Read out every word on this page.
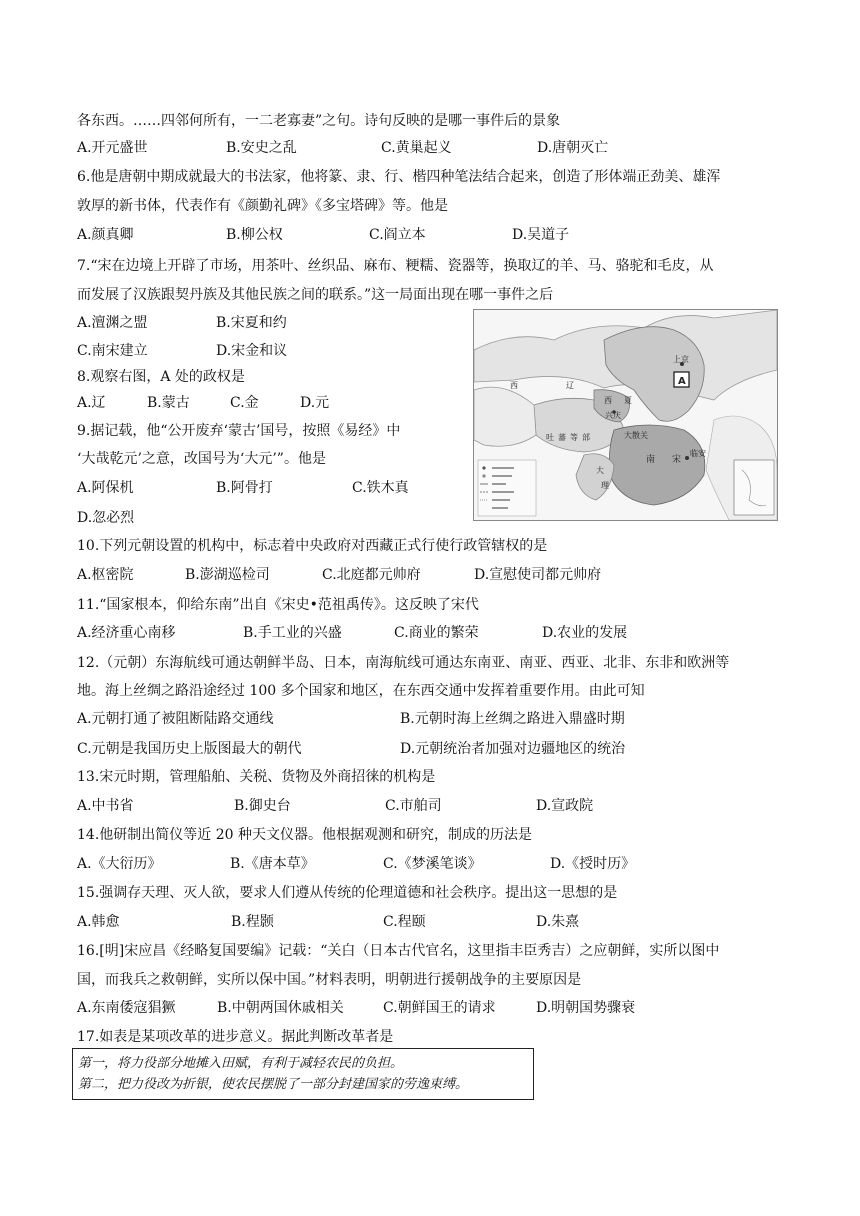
各东西。……四邻何所有，一二老寡妻”之句。诗句反映的是哪一事件后的景象
A.开元盛世	B.安史之乱	C.黄巢起义	D.唐朝灭亡
6.他是唐朝中期成就最大的书法家，他将篆、隶、行、楷四种笔法结合起来，创造了形体端正劲美、雄浑
敦厚的新书体，代表作有《颜勤礼碑》《多宝塔碑》等。他是
A.颜真卿	B.柳公权	C.阎立本	D.吴道子
7.“宋在边境上开辟了市场，用茶叶、丝织品、麻布、粳糯、瓷器等，换取辽的羊、马、骆驼和毛皮，从
而发展了汉族跟契丹族及其他民族之间的联系。”这一局面出现在哪一事件之后
A.澶渊之盟	B.宋夏和约
C.南宋建立	D.宋金和议
8.观察右图，A 处的政权是
A.辽	B.蒙古	C.金	D.元
9.据记载，他“公开废弃‘蒙古’国号，按照《易经》中
‘大哉乾元’之意，改国号为‘大元’”。他是
A.阿保机	B.阿骨打	C.铁木真
D.忽必烈
西	辽
上京
A
西 夏
兴庆
吐 蕃 等 部	大散关
临安
大
理
南 宋
10.下列元朝设置的机构中，标志着中央政府对西藏正式行使行政管辖权的是
A.枢密院	B.澎湖巡检司	C.北庭都元帅府	D.宣慰使司都元帅府
11.“国家根本，仰给东南”出自《宋史•范祖禹传》。这反映了宋代
A.经济重心南移	B.手工业的兴盛	C.商业的繁荣	D.农业的发展
12.（元朝）东海航线可通达朝鲜半岛、日本，南海航线可通达东南亚、南亚、西亚、北非、东非和欧洲等
地。海上丝绸之路沿途经过 100 多个国家和地区，在东西交通中发挥着重要作用。由此可知
A.元朝打通了被阻断陆路交通线	B.元朝时海上丝绸之路进入鼎盛时期
C.元朝是我国历史上版图最大的朝代	D.元朝统治者加强对边疆地区的统治
13.宋元时期，管理船舶、关税、货物及外商招徕的机构是
A.中书省	B.御史台	C.市舶司	D.宣政院
14.他研制出简仪等近 20 种天文仪器。他根据观测和研究，制成的历法是
A.《大衍历》	B.《唐本草》	C.《梦溪笔谈》	D.《授时历》
15.强调存天理、灭人欲，要求人们遵从传统的伦理道德和社会秩序。提出这一思想的是
A.韩愈	B.程颢	C.程颐	D.朱熹
16.[明]宋应昌《经略复国要编》记载：“关白（日本古代官名，这里指丰臣秀吉）之应朝鲜，实所以图中
国，而我兵之救朝鲜，实所以保中国。”材料表明，明朝进行援朝战争的主要原因是
A.东南倭寇猖獗	B.中朝两国休戚相关	C.朝鲜国王的请求	D.明朝国势骤衰
17.如表是某项改革的进步意义。据此判断改革者是
第一，将力役部分地摊入田赋，有利于减轻农民的负担。
第二，把力役改为折银，使农民摆脱了一部分封建国家的劳逸束缚。
